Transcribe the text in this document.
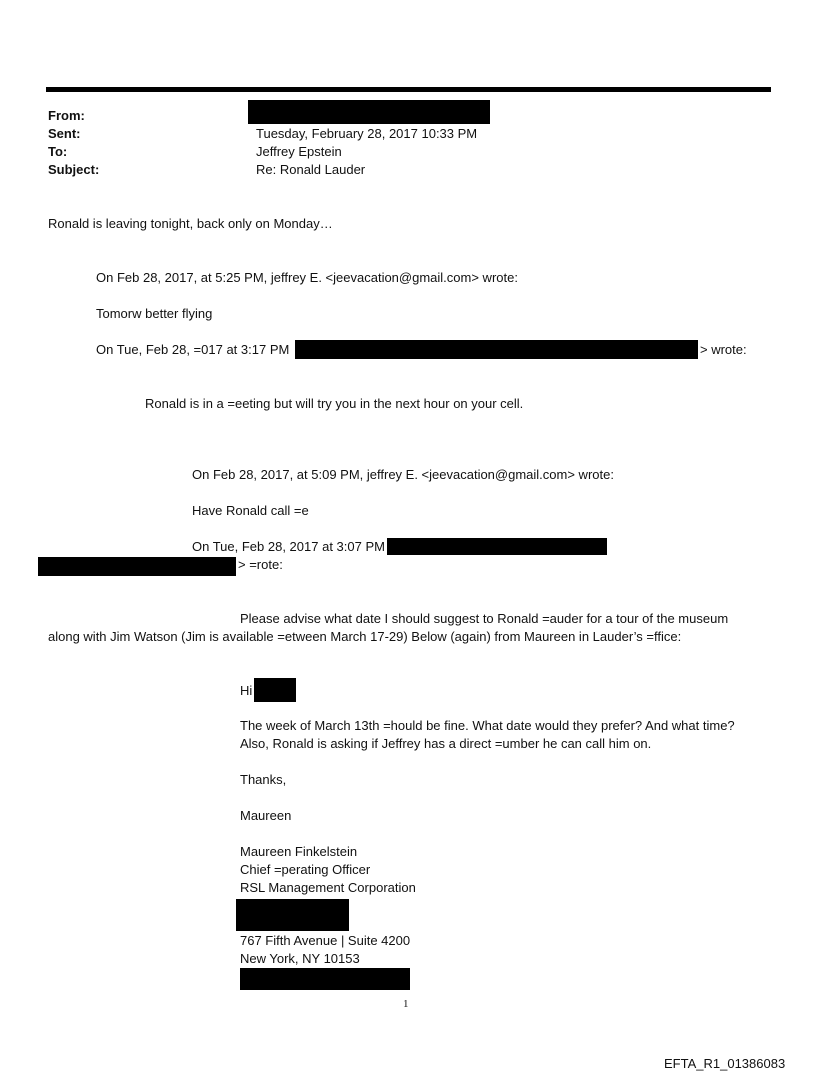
From:
Sent:	Tuesday, February 28, 2017 10:33 PM
To:	Jeffrey Epstein
Subject:	Re: Ronald Lauder
Ronald is leaving tonight, back only on Monday…
On Feb 28, 2017, at 5:25 PM, jeffrey E. <jeevacation@gmail.com> wrote:
Tomorw better flying
On Tue, Feb 28, =017 at 3:17 PM	> wrote:
Ronald is in a =eeting but will try you in the next hour on your cell.
On Feb 28, 2017, at 5:09 PM, jeffrey E. <jeevacation@gmail.com> wrote:
Have Ronald call =e
On Tue, Feb 28, 2017 at 3:07 PM
> =rote:
Please advise what date I should suggest to Ronald =auder for a tour of the museum
along with Jim Watson (Jim is available =etween March 17-29) Below (again) from Maureen in Lauder’s =ffice:
Hi
The week of March 13th =hould be fine. What date would they prefer? And what time?
Also, Ronald is asking if Jeffrey has a direct =umber he can call him on.
Thanks,
Maureen
Maureen Finkelstein
Chief =perating Officer
RSL Management Corporation
767 Fifth Avenue | Suite 4200
New York, NY 10153
1
EFTA_R1_01386083
